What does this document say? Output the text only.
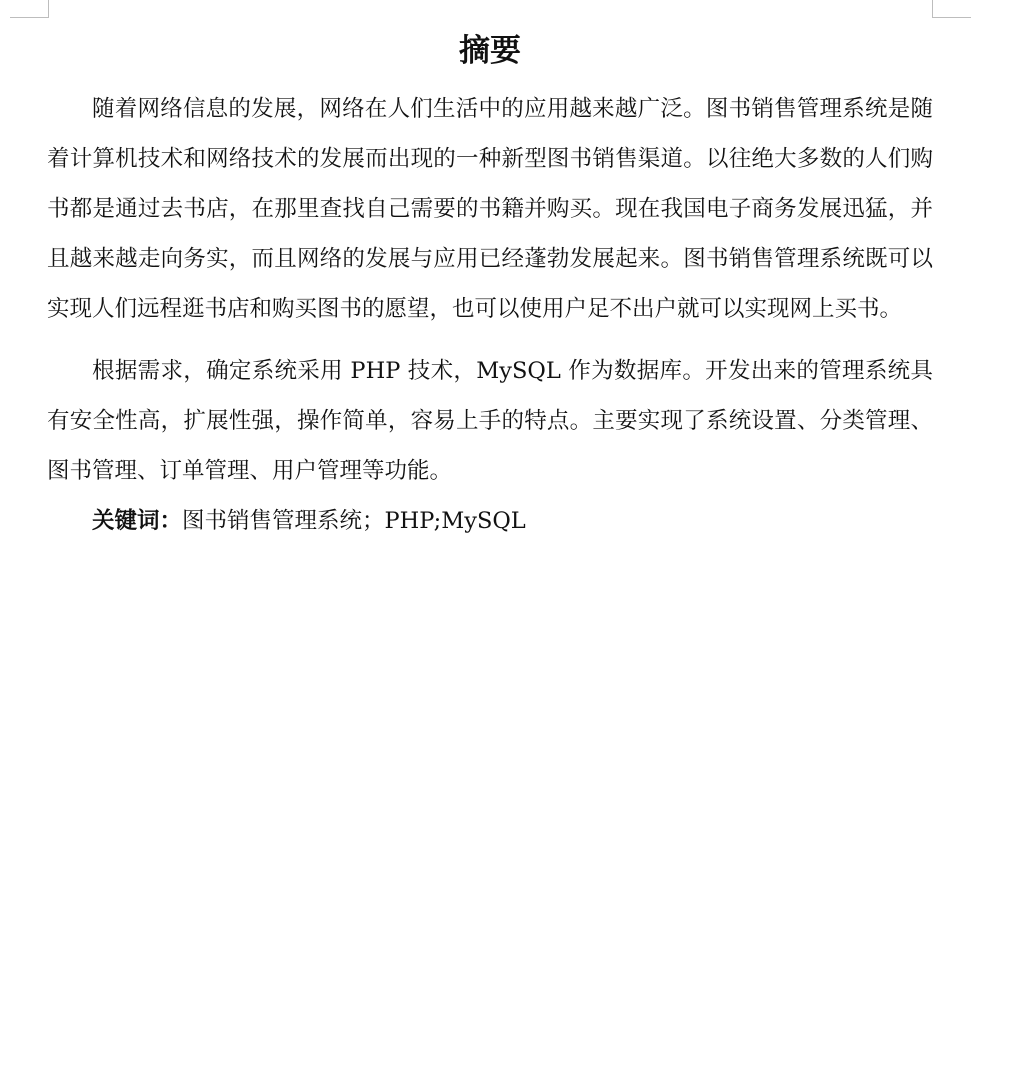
摘要

随着网络信息的发展，网络在人们生活中的应用越来越广泛。图书销售管理系统是随着计算机技术和网络技术的发展而出现的一种新型图书销售渠道。以往绝大多数的人们购书都是通过去书店，在那里查找自己需要的书籍并购买。现在我国电子商务发展迅猛，并且越来越走向务实，而且网络的发展与应用已经蓬勃发展起来。图书销售管理系统既可以实现人们远程逛书店和购买图书的愿望，也可以使用户足不出户就可以实现网上买书。

根据需求，确定系统采用 PHP 技术，MySQL 作为数据库。开发出来的管理系统具有安全性高，扩展性强，操作简单，容易上手的特点。主要实现了系统设置、分类管理、图书管理、订单管理、用户管理等功能。

关键词：图书销售管理系统；PHP;MySQL
